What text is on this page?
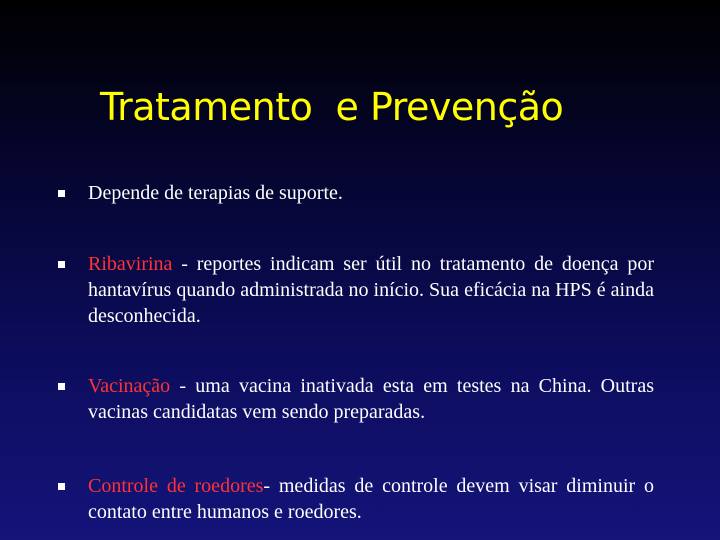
Tratamento  e Prevenção
Depende de terapias de suporte.
Ribavirina - reportes indicam ser útil no tratamento de doença por hantavírus quando administrada no início. Sua eficácia na HPS é ainda desconhecida.
Vacinação - uma vacina inativada esta em testes na China. Outras vacinas candidatas vem sendo preparadas.
Controle de roedores- medidas de controle devem visar diminuir o contato entre humanos e roedores.
